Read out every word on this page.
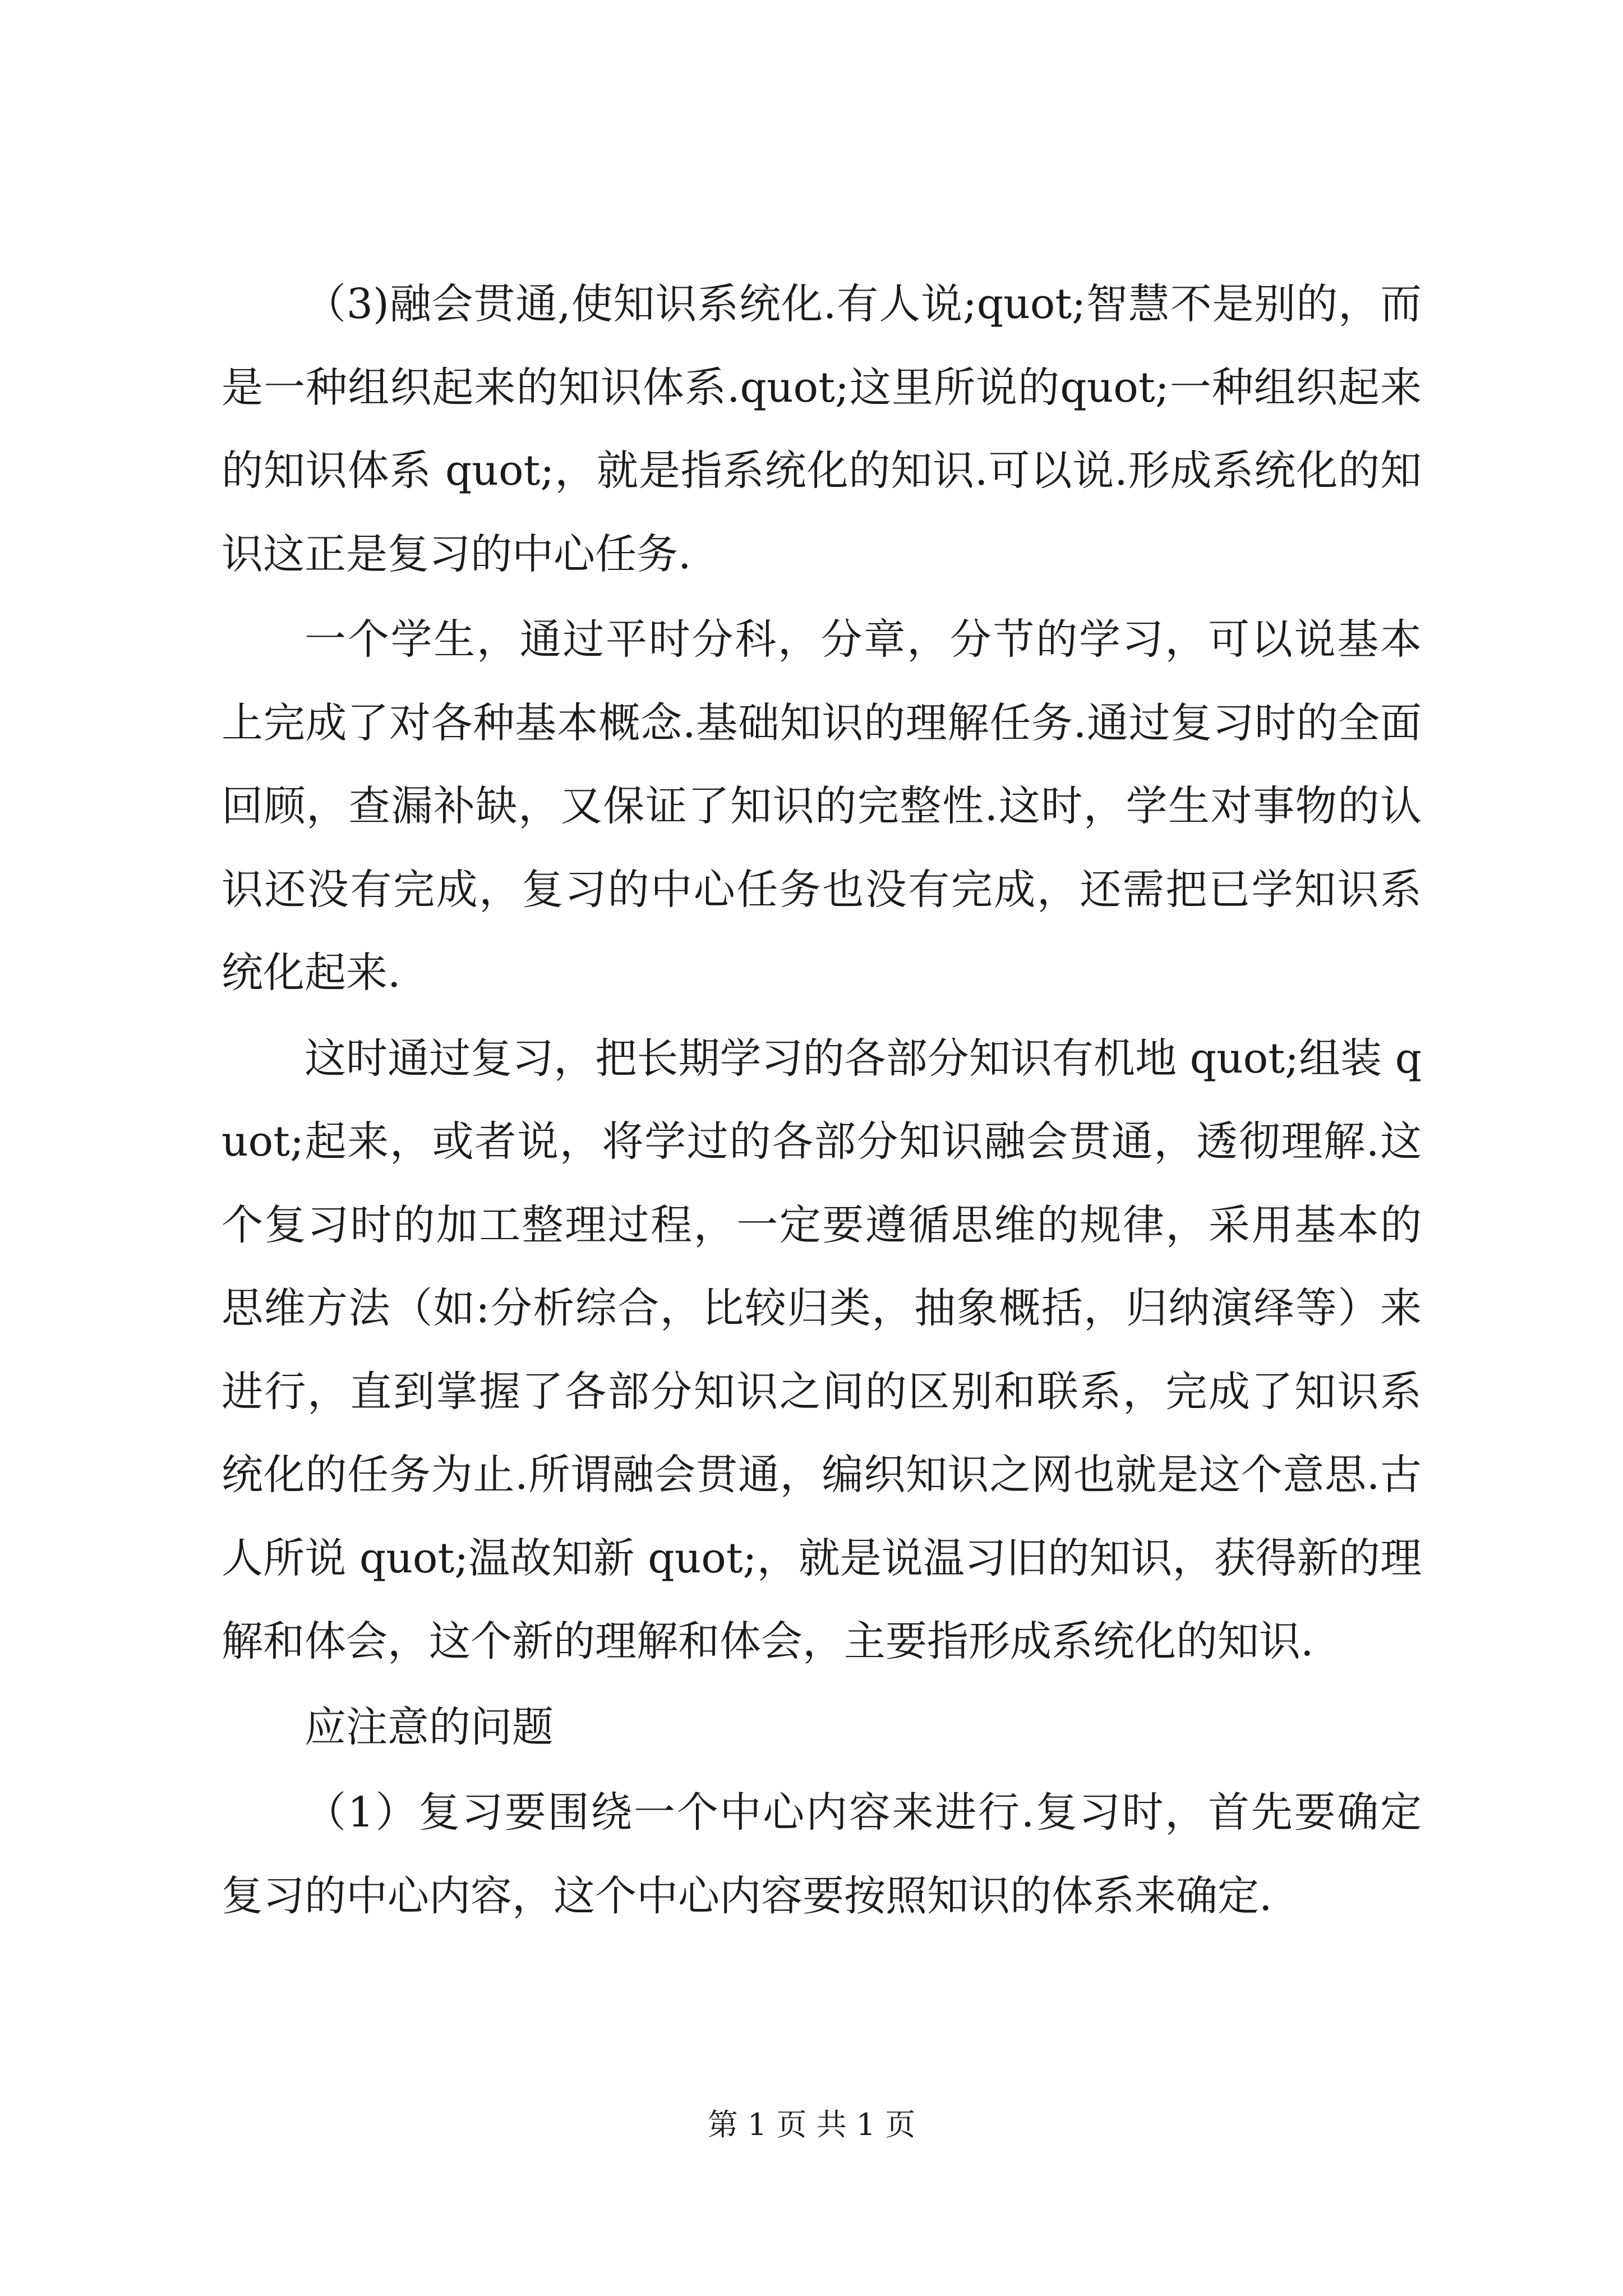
（3)融会贯通,使知识系统化.有人说;quot;智慧不是别的，而是一种组织起来的知识体系.quot;这里所说的quot;一种组织起来的知识体系 quot;，就是指系统化的知识.可以说.形成系统化的知识这正是复习的中心任务.

一个学生，通过平时分科，分章，分节的学习，可以说基本上完成了对各种基本概念.基础知识的理解任务.通过复习时的全面回顾，查漏补缺，又保证了知识的完整性.这时，学生对事物的认识还没有完成，复习的中心任务也没有完成，还需把已学知识系统化起来.

这时通过复习，把长期学习的各部分知识有机地 quot;组装 quot;起来，或者说，将学过的各部分知识融会贯通，透彻理解.这个复习时的加工整理过程，一定要遵循思维的规律，采用基本的思维方法（如:分析综合，比较归类，抽象概括，归纳演绎等）来进行，直到掌握了各部分知识之间的区别和联系，完成了知识系统化的任务为止.所谓融会贯通，编织知识之网也就是这个意思.古人所说 quot;温故知新 quot;，就是说温习旧的知识，获得新的理解和体会，这个新的理解和体会，主要指形成系统化的知识.

应注意的问题

（1）复习要围绕一个中心内容来进行.复习时，首先要确定复习的中心内容，这个中心内容要按照知识的体系来确定.

第 1 页 共 1 页
